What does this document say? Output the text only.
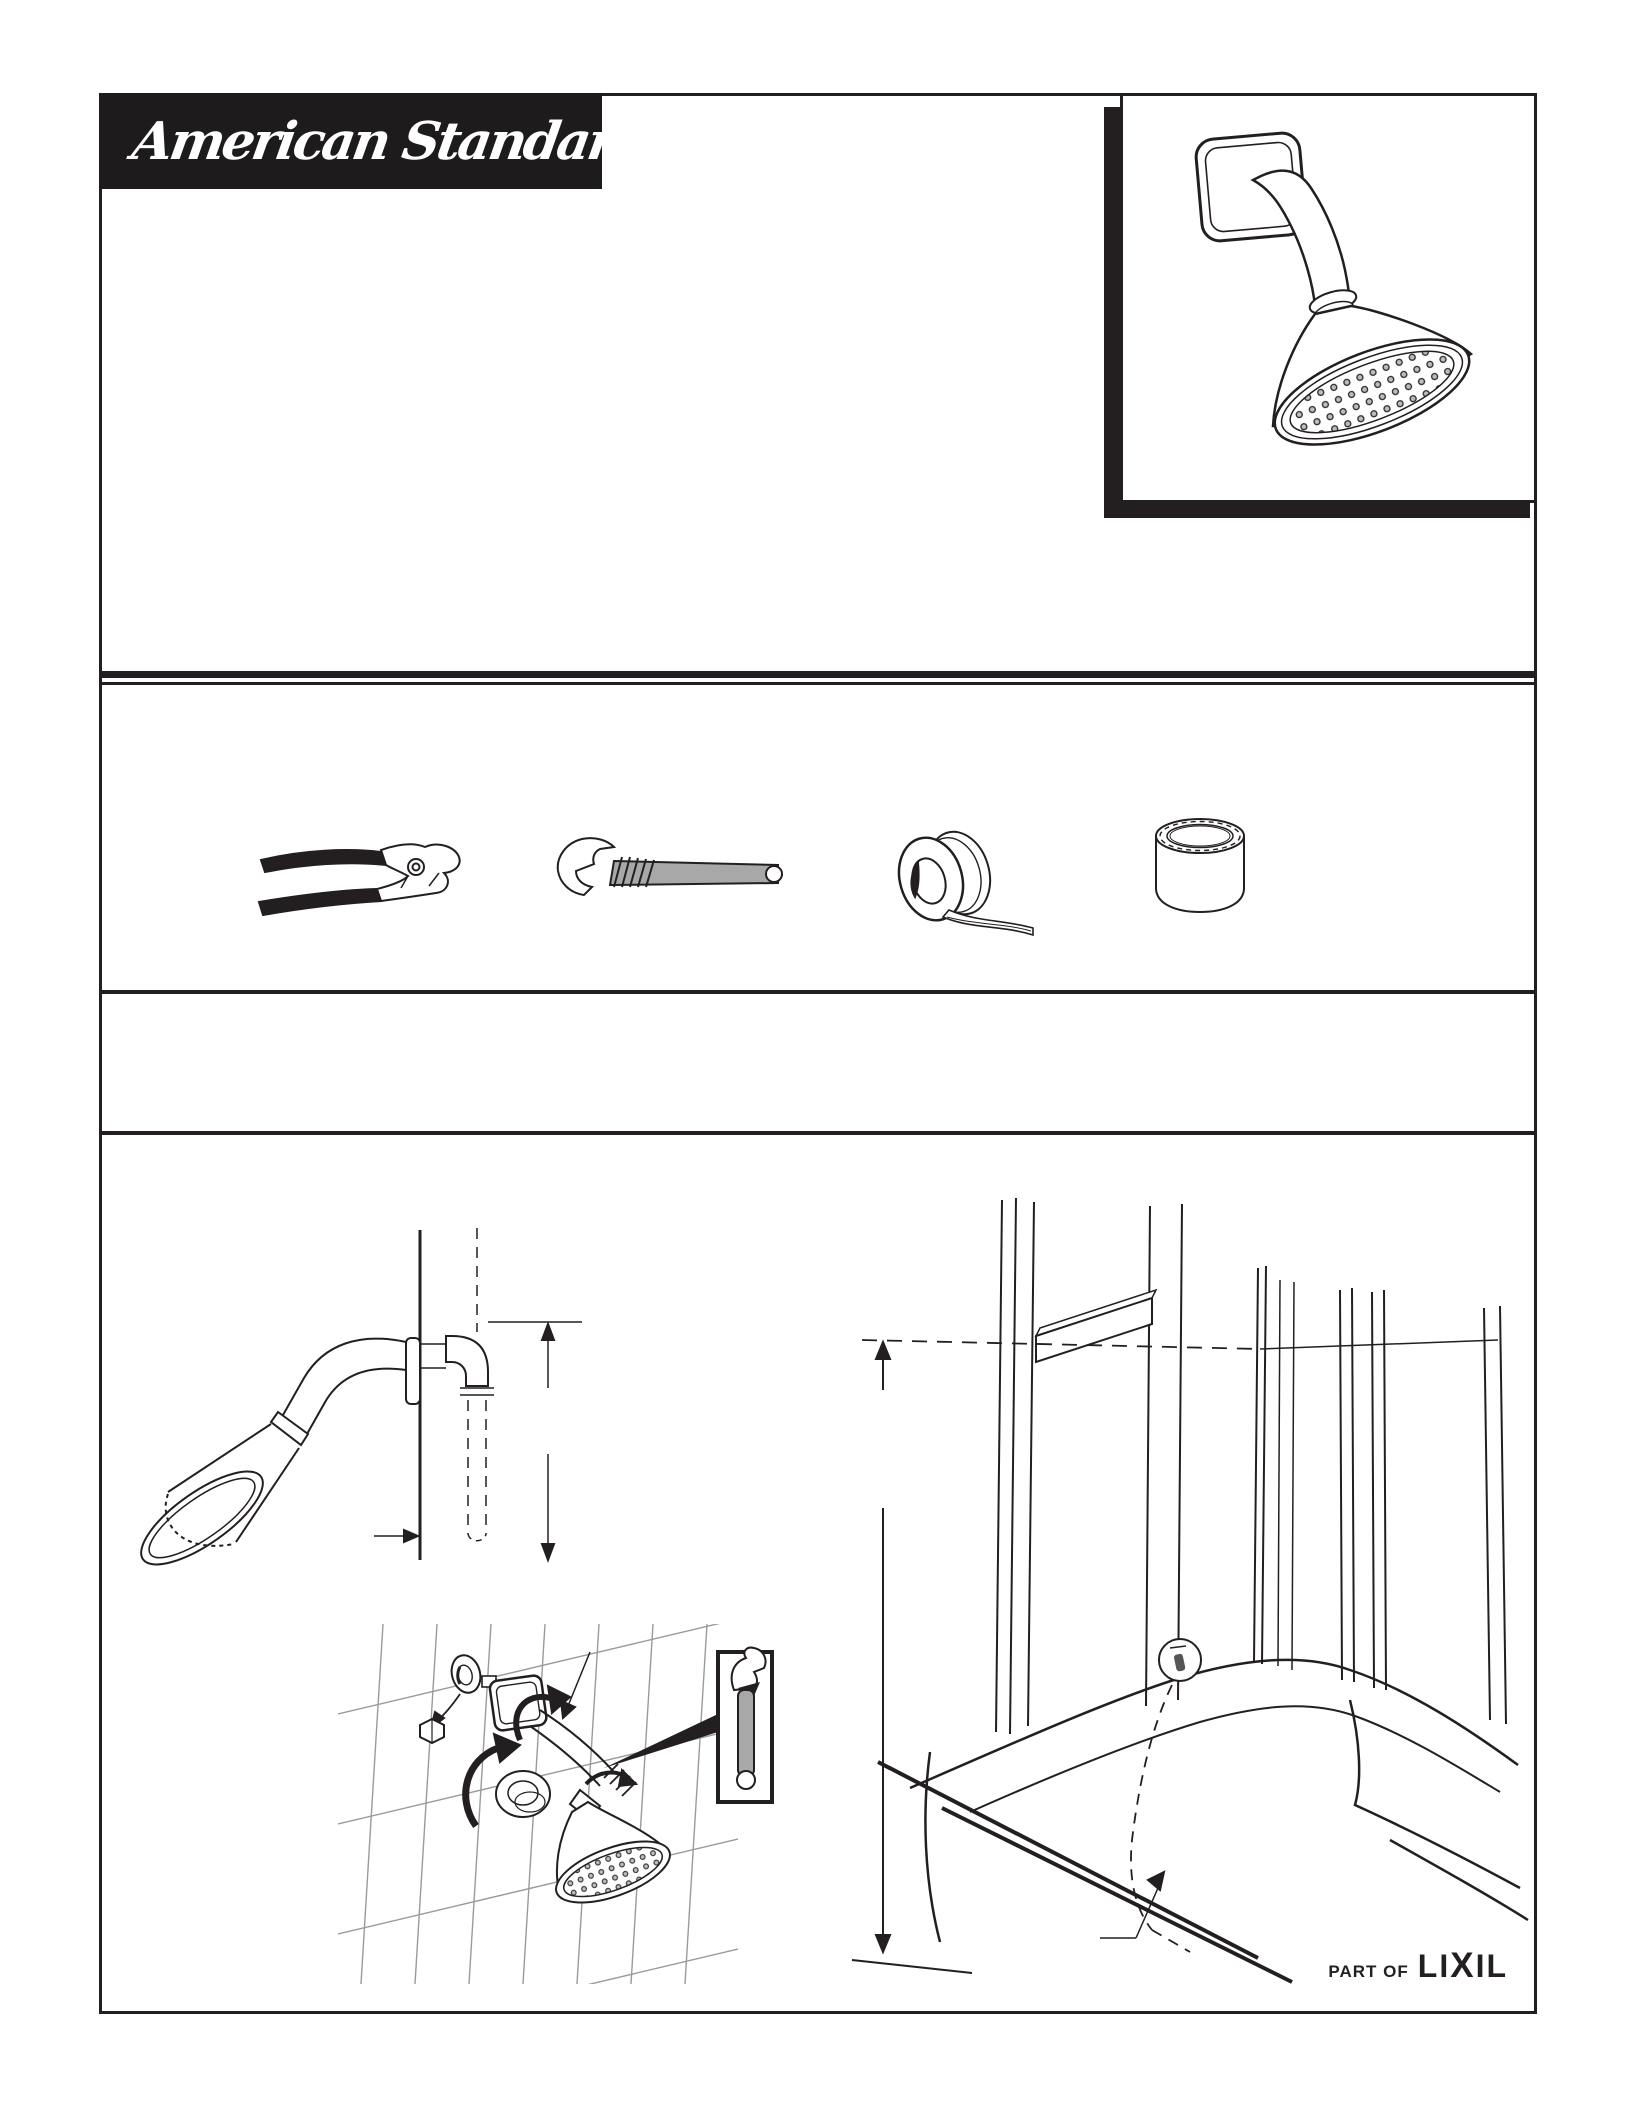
American Standard
PART OF LI X IL
